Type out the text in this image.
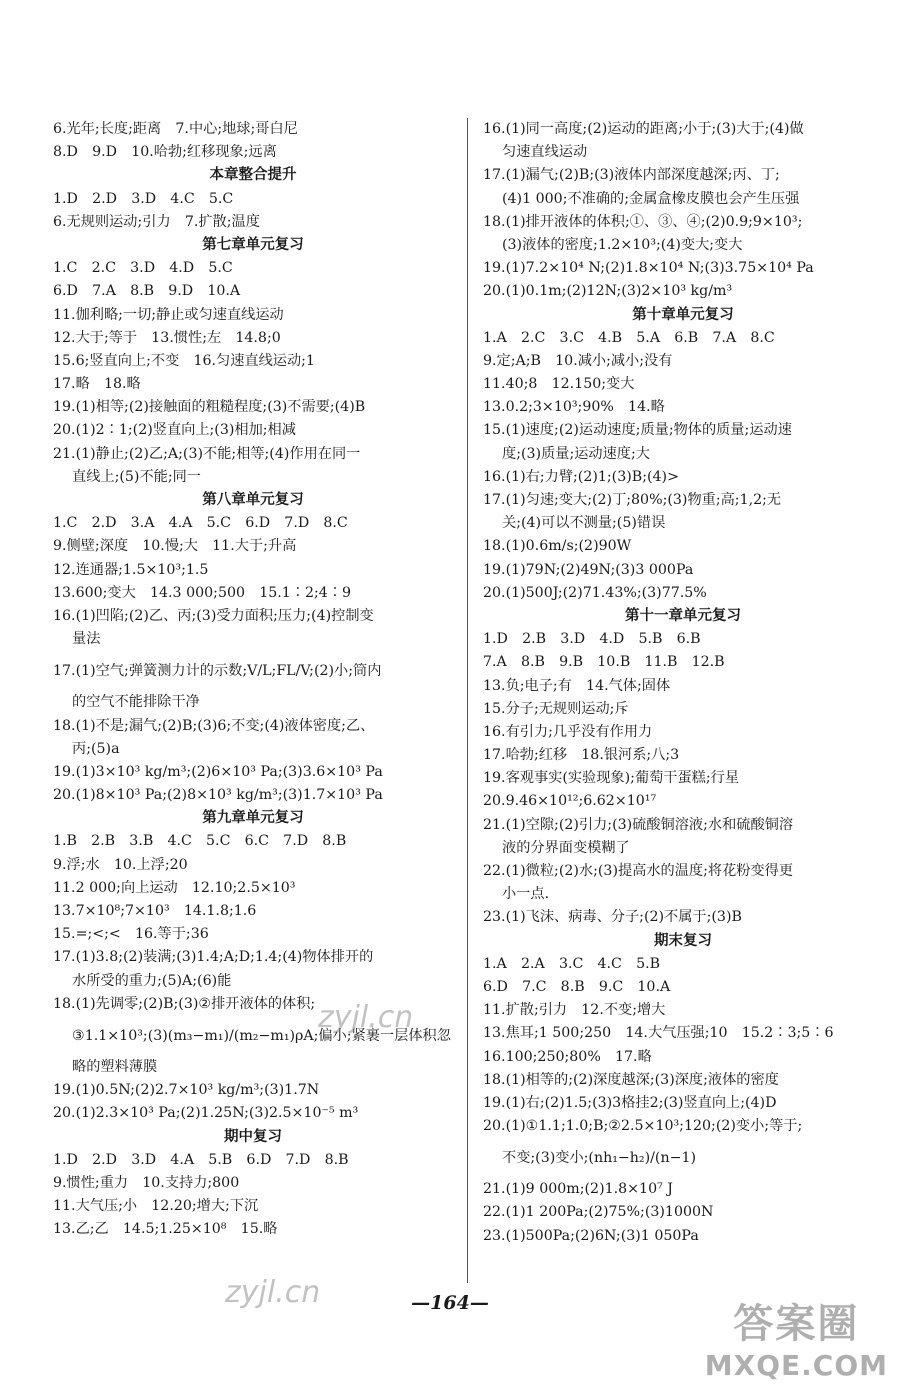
6.光年;长度;距离　7.中心;地球;哥白尼
8.D　9.D　10.哈勃;红移现象;远离
本章整合提升
1.D　2.D　3.D　4.C　5.C
6.无规则运动;引力　7.扩散;温度
第七章单元复习
1.C　2.C　3.D　4.D　5.C
6.D　7.A　8.B　9.D　10.A
11.伽利略;一切;静止或匀速直线运动
12.大于;等于　13.惯性;左　14.8;0
15.6;竖直向上;不变　16.匀速直线运动;1
17.略　18.略
19.(1)相等;(2)接触面的粗糙程度;(3)不需要;(4)B
20.(1)2∶1;(2)竖直向上;(3)相加;相减
21.(1)静止;(2)乙;A;(3)不能;相等;(4)作用在同一
直线上;(5)不能;同一
第八章单元复习
1.C　2.D　3.A　4.A　5.C　6.D　7.D　8.C
9.侧壁;深度　10.慢;大　11.大于;升高
12.连通器;1.5×10³;1.5
13.600;变大　14.3 000;500　15.1∶2;4∶9
16.(1)凹陷;(2)乙、丙;(3)受力面积;压力;(4)控制变
量法
17.(1)空气;弹簧测力计的示数;V/L;FL/V;(2)小;筒内
的空气不能排除干净
18.(1)不是;漏气;(2)B;(3)6;不变;(4)液体密度;乙、
丙;(5)a
19.(1)3×10³ kg/m³;(2)6×10³ Pa;(3)3.6×10³ Pa
20.(1)8×10³ Pa;(2)8×10³ kg/m³;(3)1.7×10³ Pa
第九章单元复习
1.B　2.B　3.B　4.C　5.C　6.C　7.D　8.B
9.浮;水　10.上浮;20
11.2 000;向上运动　12.10;2.5×10³
13.7×10⁸;7×10³　14.1.8;1.6
15.=;<;<　16.等于;36
17.(1)3.8;(2)装满;(3)1.4;A;D;1.4;(4)物体排开的
水所受的重力;(5)A;(6)能
18.(1)先调零;(2)B;(3)②排开液体的体积;
③1.1×10³;(3)(m₃−m₁)/(m₂−m₁)ρA;偏小;紧裹一层体积忽
略的塑料薄膜
19.(1)0.5N;(2)2.7×10³ kg/m³;(3)1.7N
20.(1)2.3×10³ Pa;(2)1.25N;(3)2.5×10⁻⁵ m³
期中复习
1.D　2.D　3.D　4.A　5.B　6.D　7.D　8.B
9.惯性;重力　10.支持力;800
11.大气压;小　12.20;增大;下沉
13.乙;乙　14.5;1.25×10⁸　15.略
16.(1)同一高度;(2)运动的距离;小于;(3)大于;(4)做
匀速直线运动
17.(1)漏气;(2)B;(3)液体内部深度越深;丙、丁;
(4)1 000;不准确的;金属盒橡皮膜也会产生压强
18.(1)排开液体的体积;①、③、④;(2)0.9;9×10³;
(3)液体的密度;1.2×10³;(4)变大;变大
19.(1)7.2×10⁴ N;(2)1.8×10⁴ N;(3)3.75×10⁴ Pa
20.(1)0.1m;(2)12N;(3)2×10³ kg/m³
第十章单元复习
1.A　2.C　3.C　4.B　5.A　6.B　7.A　8.C
9.定;A;B　10.减小;减小;没有
11.40;8　12.150;变大
13.0.2;3×10³;90%　14.略
15.(1)速度;(2)运动速度;质量;物体的质量;运动速
度;(3)质量;运动速度;大
16.(1)右;力臂;(2)1;(3)B;(4)>
17.(1)匀速;变大;(2)丁;80%;(3)物重;高;1,2;无
关;(4)可以不测量;(5)错误
18.(1)0.6m/s;(2)90W
19.(1)79N;(2)49N;(3)3 000Pa
20.(1)500J;(2)71.43%;(3)77.5%
第十一章单元复习
1.D　2.B　3.D　4.D　5.B　6.B
7.A　8.B　9.B　10.B　11.B　12.B
13.负;电子;有　14.气体;固体
15.分子;无规则运动;斥
16.有引力;几乎没有作用力
17.哈勃;红移　18.银河系;八;3
19.客观事实(实验现象);葡萄干蛋糕;行星
20.9.46×10¹²;6.62×10¹⁷
21.(1)空隙;(2)引力;(3)硫酸铜溶液;水和硫酸铜溶
液的分界面变模糊了
22.(1)微粒;(2)水;(3)提高水的温度;将花粉变得更
小一点.
23.(1)飞沫、病毒、分子;(2)不属于;(3)B
期末复习
1.A　2.A　3.C　4.C　5.B
6.D　7.C　8.B　9.C　10.A
11.扩散;引力　12.不变;增大
13.焦耳;1 500;250　14.大气压强;10　15.2∶3;5∶6
16.100;250;80%　17.略
18.(1)相等的;(2)深度越深;(3)深度;液体的密度
19.(1)右;(2)1.5;(3)3格挂2;(3)竖直向上;(4)D
20.(1)①1.1;1.0;B;②2.5×10³;120;(2)变小;等于;
不变;(3)变小;(nh₁−h₂)/(n−1)
21.(1)9 000m;(2)1.8×10⁷ J
22.(1)1 200Pa;(2)75%;(3)1000N
23.(1)500Pa;(2)6N;(3)1 050Pa
—164—
zyjl.cn
zyjl.cn
答案圈
MXQE.COM
